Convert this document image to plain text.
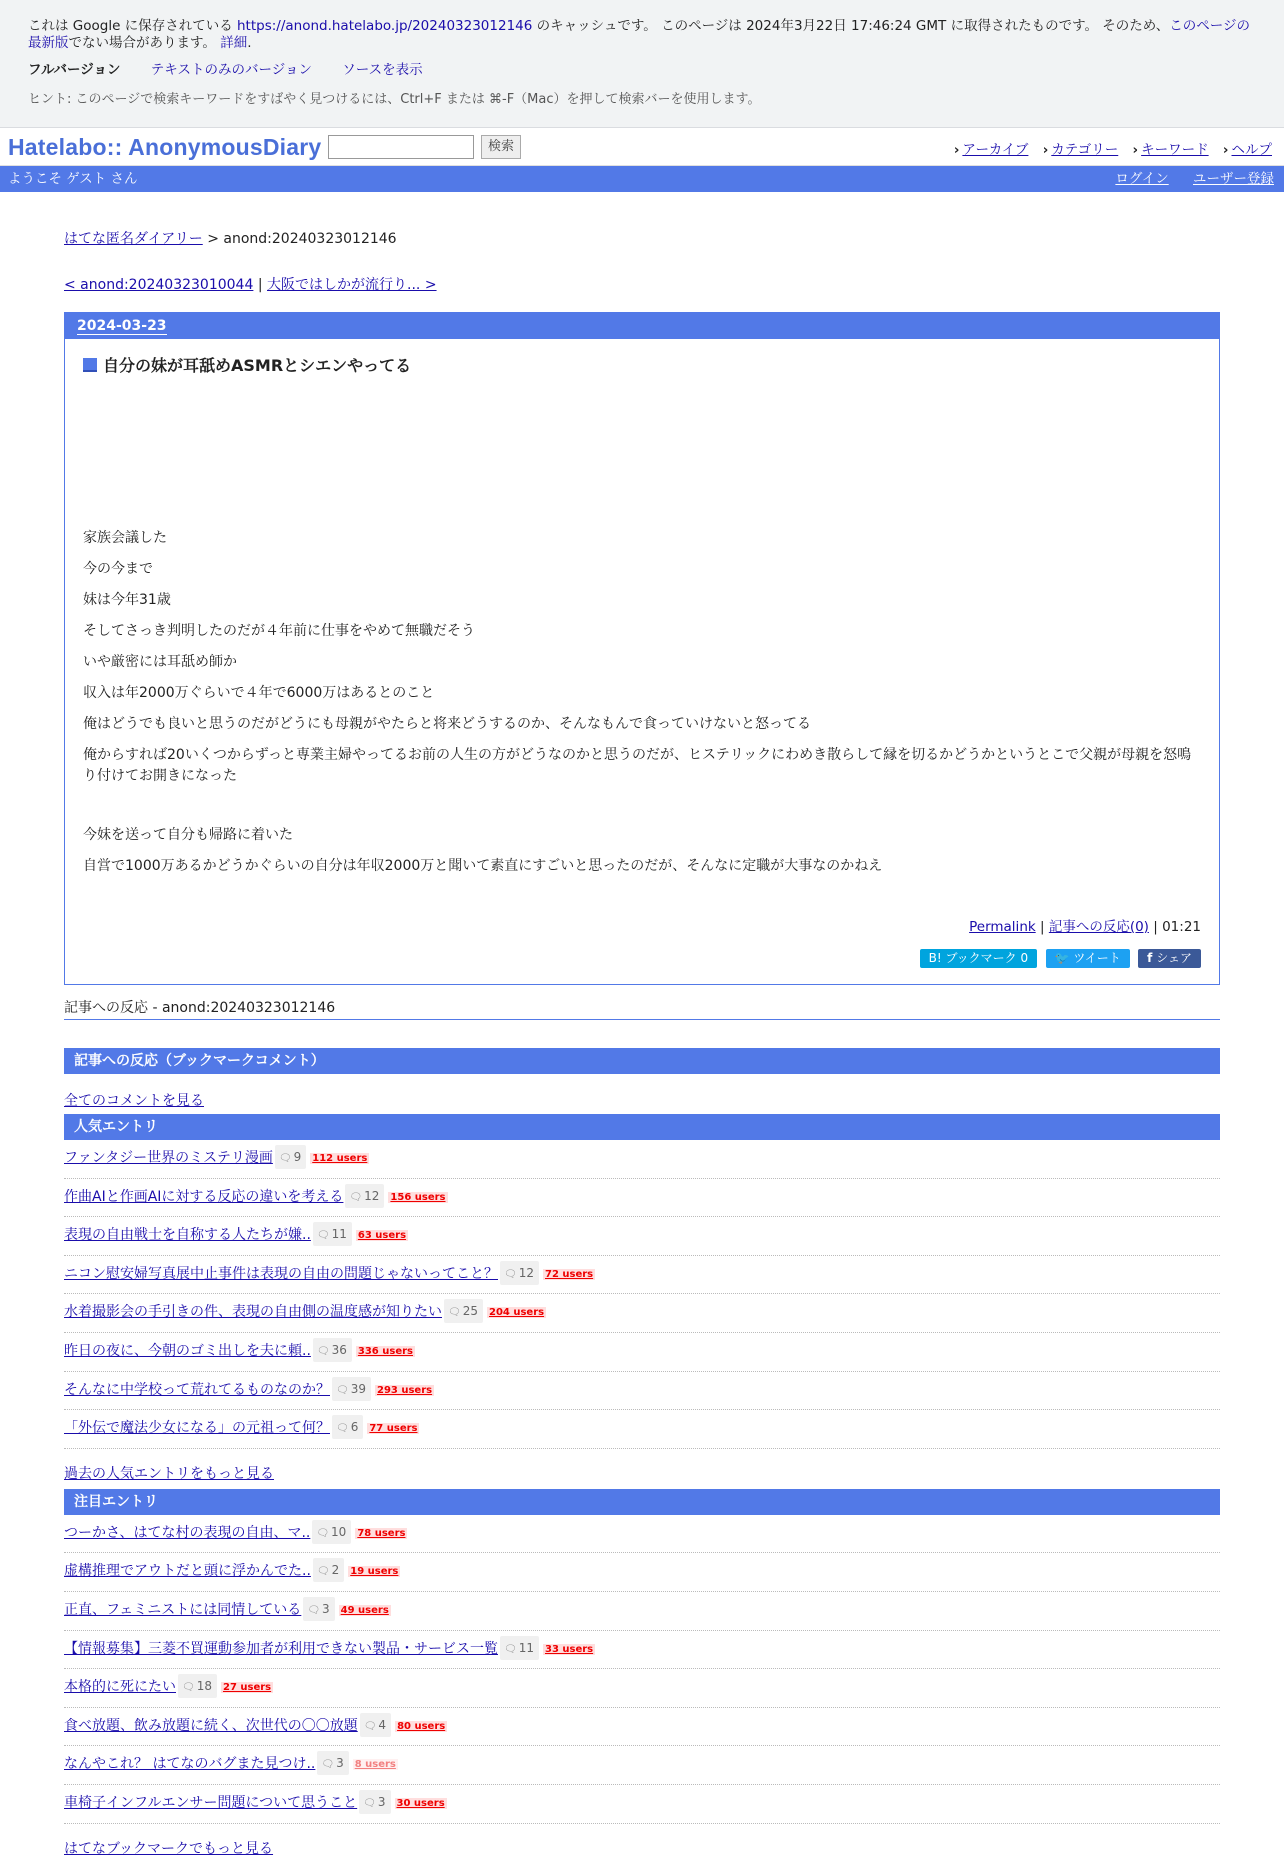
これは Google に保存されている https://anond.hatelabo.jp/20240323012146 のキャッシュです。 このページは 2024年3月22日 17:46:24 GMT に取得されたものです。 そのため、このページの最新版でない場合があります。 詳細.
フルバージョン テキストのみのバージョン ソースを表示
ヒント: このページで検索キーワードをすばやく見つけるには、Ctrl+F または ⌘-F（Mac）を押して検索バーを使用します。
Hatelabo:: AnonymousDiary	検索	› アーカイブ › カテゴリー › キーワード › ヘルプ
ようこそ ゲスト さん	ログイン ユーザー登録
はてな匿名ダイアリー > anond:20240323012146
< anond:20240323010044 | 大阪ではしかが流行り... >
2024-03-23
自分の妹が耳舐めASMRとシエンやってる

家族会議した

今の今まで

妹は今年31歳

そしてさっき判明したのだが４年前に仕事をやめて無職だそう

いや厳密には耳舐め師か

収入は年2000万ぐらいで４年で6000万はあるとのこと

俺はどうでも良いと思うのだがどうにも母親がやたらと将来どうするのか、そんなもんで食っていけないと怒ってる

俺からすれば20いくつからずっと専業主婦やってるお前の人生の方がどうなのかと思うのだが、ヒステリックにわめき散らして縁を切るかどうかというとこで父親が母親を怒鳴り付けてお開きになった

今妹を送って自分も帰路に着いた

自営で1000万あるかどうかぐらいの自分は年収2000万と聞いて素直にすごいと思ったのだが、そんなに定職が大事なのかねえ

Permalink | 記事への反応(0) | 01:21
B! ブックマーク 0 🐦 ツイート f シェア
記事への反応 - anond:20240323012146
記事への反応（ブックマークコメント）
全てのコメントを見る
人気エントリ
ファンタジー世界のミステリ漫画 🗨 9 112 users
作曲AIと作画AIに対する反応の違いを考える 🗨 12 156 users
表現の自由戦士を自称する人たちが嫌.. 🗨 11 63 users
ニコン慰安婦写真展中止事件は表現の自由の問題じゃないってこと？ 🗨 12 72 users
水着撮影会の手引きの件、表現の自由側の温度感が知りたい 🗨 25 204 users
昨日の夜に、今朝のゴミ出しを夫に頼.. 🗨 36 336 users
そんなに中学校って荒れてるものなのか？ 🗨 39 293 users
「外伝で魔法少女になる」の元祖って何？ 🗨 6 77 users
過去の人気エントリをもっと見る
注目エントリ
つーかさ、はてな村の表現の自由、マ.. 🗨 10 78 users
虚構推理でアウトだと頭に浮かんでた.. 🗨 2 19 users
正直、フェミニストには同情している 🗨 3 49 users
【情報募集】三菱不買運動参加者が利用できない製品・サービス一覧 🗨 11 33 users
本格的に死にたい 🗨 18 27 users
食べ放題、飲み放題に続く、次世代の〇〇放題 🗨 4 80 users
なんやこれ？ はてなのバグまた見つけ.. 🗨 3 8 users
車椅子インフルエンサー問題について思うこと 🗨 3 30 users
はてなブックマークでもっと見る
